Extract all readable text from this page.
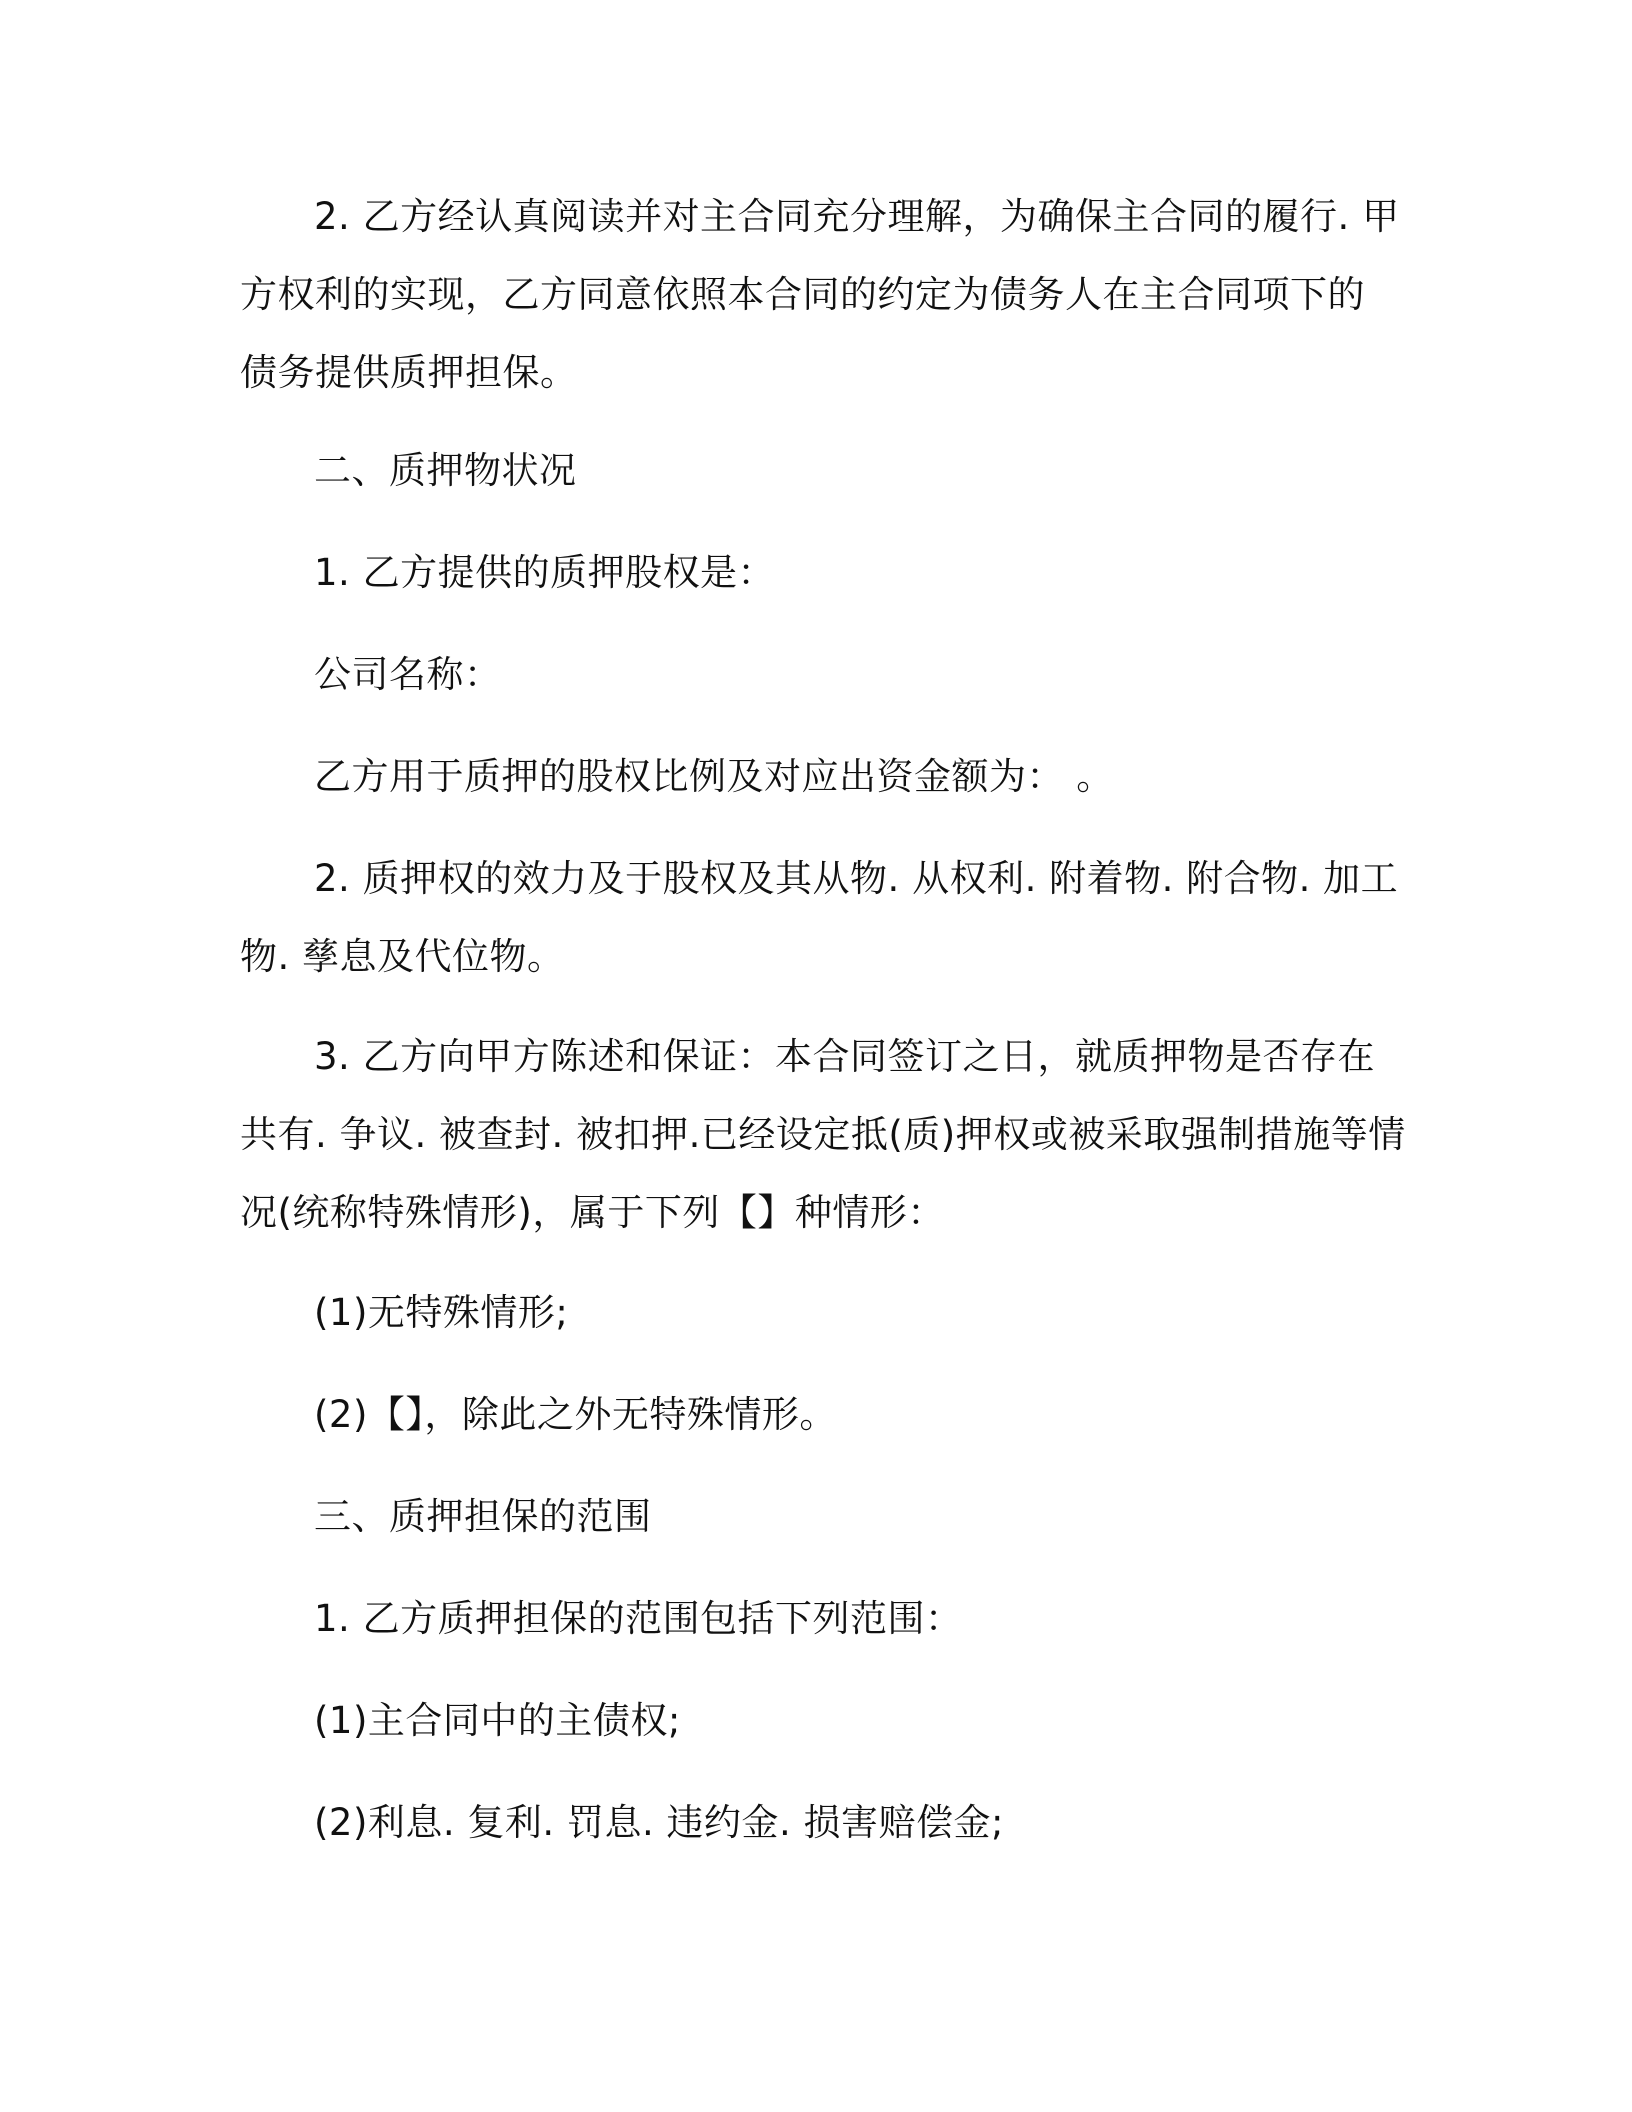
2. 乙方经认真阅读并对主合同充分理解，为确保主合同的履行. 甲
方权利的实现，乙方同意依照本合同的约定为债务人在主合同项下的
债务提供质押担保。
二、质押物状况
1. 乙方提供的质押股权是：
公司名称：
乙方用于质押的股权比例及对应出资金额为： 。
2. 质押权的效力及于股权及其从物. 从权利. 附着物. 附合物. 加工
物. 孳息及代位物。
3. 乙方向甲方陈述和保证：本合同签订之日，就质押物是否存在
共有. 争议. 被查封. 被扣押.已经设定抵(质)押权或被采取强制措施等情
况(统称特殊情形)，属于下列【】种情形：
(1)无特殊情形;
(2)【】，除此之外无特殊情形。
三、质押担保的范围
1. 乙方质押担保的范围包括下列范围：
(1)主合同中的主债权;
(2)利息. 复利. 罚息. 违约金. 损害赔偿金;
